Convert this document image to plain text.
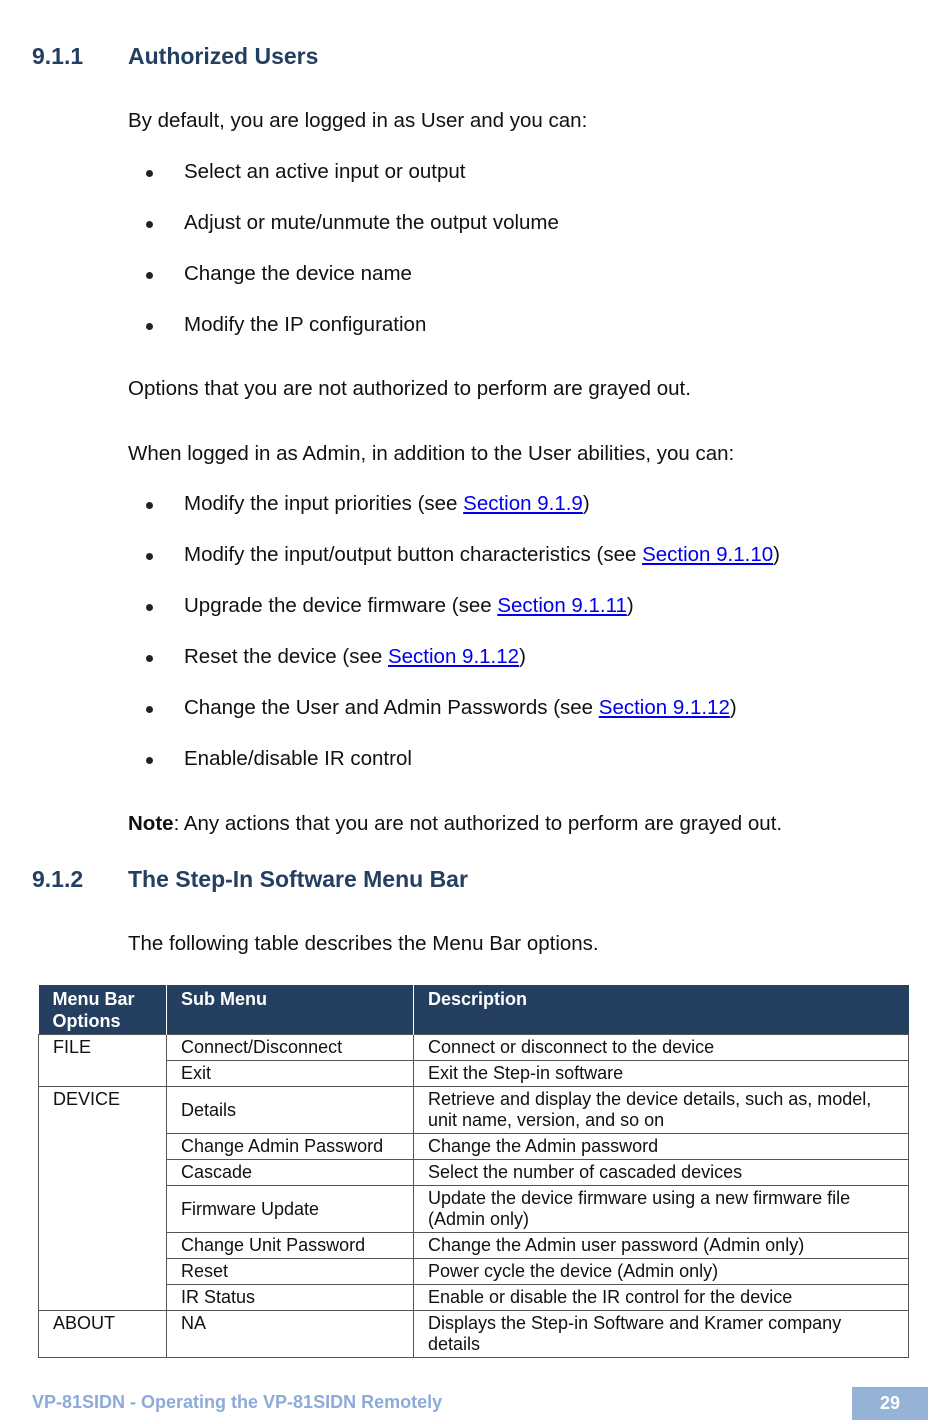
9.1.1 Authorized Users
By default, you are logged in as User and you can:
Select an active input or output
Adjust or mute/unmute the output volume
Change the device name
Modify the IP configuration
Options that you are not authorized to perform are grayed out.
When logged in as Admin, in addition to the User abilities, you can:
Modify the input priorities (see Section 9.1.9)
Modify the input/output button characteristics (see Section 9.1.10)
Upgrade the device firmware (see Section 9.1.11)
Reset the device (see Section 9.1.12)
Change the User and Admin Passwords (see Section 9.1.12)
Enable/disable IR control
Note: Any actions that you are not authorized to perform are grayed out.
9.1.2 The Step-In Software Menu Bar
The following table describes the Menu Bar options.
Menu Bar Options	Sub Menu	Description
FILE	Connect/Disconnect	Connect or disconnect to the device
	Exit	Exit the Step-in software
DEVICE	Details	Retrieve and display the device details, such as, model, unit name, version, and so on
	Change Admin Password	Change the Admin password
	Cascade	Select the number of cascaded devices
	Firmware Update	Update the device firmware using a new firmware file (Admin only)
	Change Unit Password	Change the Admin user password (Admin only)
	Reset	Power cycle the device (Admin only)
	IR Status	Enable or disable the IR control for the device
ABOUT	NA	Displays the Step-in Software and Kramer company details
VP-81SIDN - Operating the VP-81SIDN Remotely	29
